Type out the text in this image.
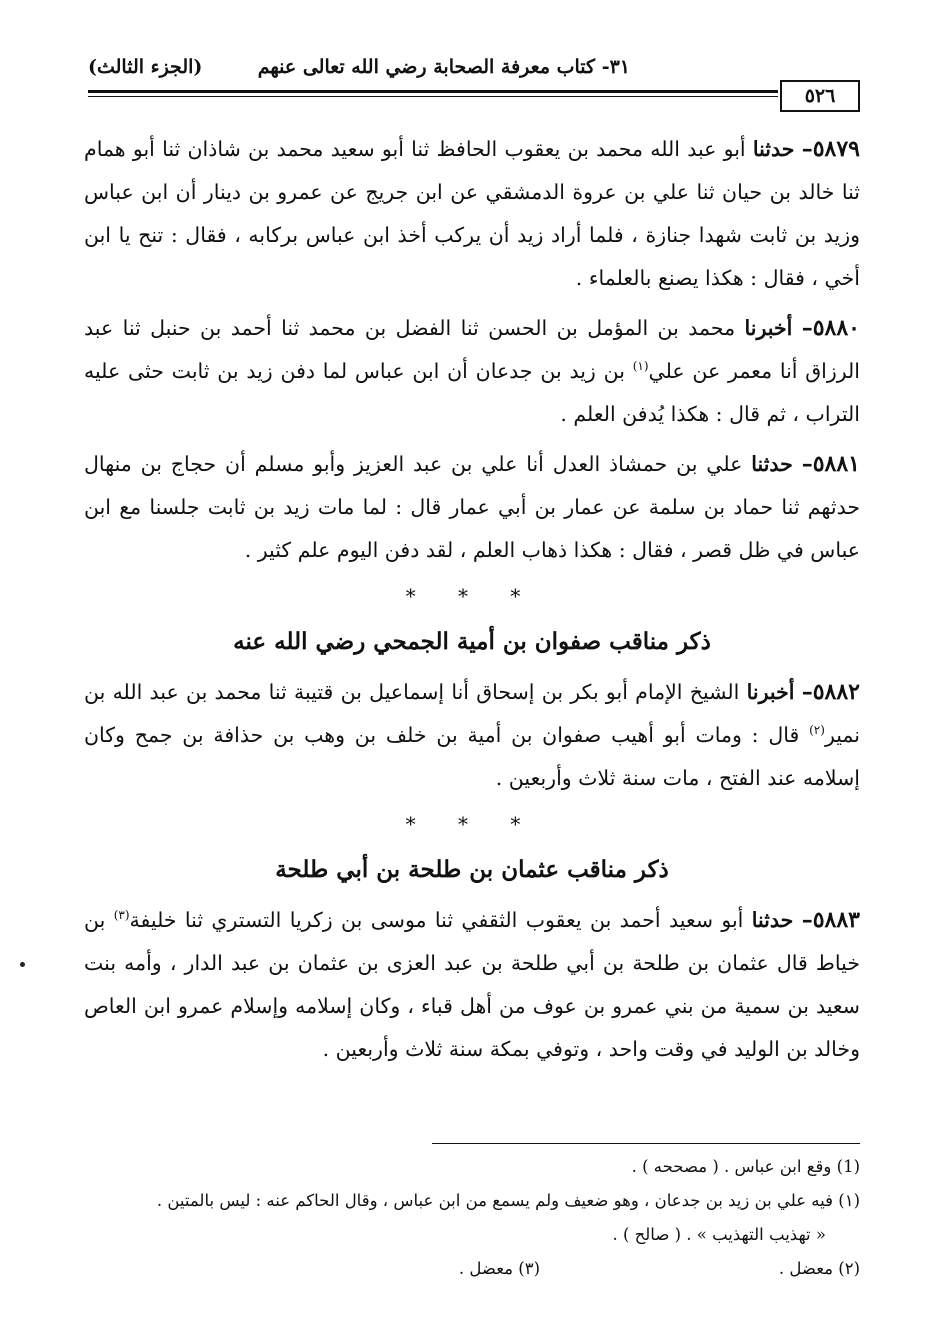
٣١- كتاب معرفة الصحابة رضي الله تعالى عنهم
(الجزء الثالث)
٥٢٦

٥٨٧٩– حدثنا أبو عبد الله محمد بن يعقوب الحافظ ثنا أبو سعيد محمد بن شاذان ثنا أبو همام ثنا خالد بن حيان ثنا علي بن عروة الدمشقي عن ابن جريج عن عمرو بن دينار أن ابن عباس وزيد بن ثابت شهدا جنازة ، فلما أراد زيد أن يركب أخذ ابن عباس بركابه ، فقال : تنح يا ابن أخي ، فقال : هكذا يصنع بالعلماء .

٥٨٨٠– أخبرنا محمد بن المؤمل بن الحسن ثنا الفضل بن محمد ثنا أحمد بن حنبل ثنا عبد الرزاق أنا معمر عن علي$^{(١)}$ بن زيد بن جدعان أن ابن عباس لما دفن زيد بن ثابت حثى عليه التراب ، ثم قال : هكذا يُدفن العلم .

٥٨٨١– حدثنا علي بن حمشاذ العدل أنا علي بن عبد العزيز وأبو مسلم أن حجاج بن منهال حدثهم ثنا حماد بن سلمة عن عمار بن أبي عمار قال : لما مات زيد بن ثابت جلسنا مع ابن عباس في ظل قصر ، فقال : هكذا ذهاب العلم ، لقد دفن اليوم علم كثير .

* * *
ذكر مناقب صفوان بن أمية الجمحي رضي الله عنه

٥٨٨٢– أخبرنا الشيخ الإمام أبو بكر بن إسحاق أنا إسماعيل بن قتيبة ثنا محمد بن عبد الله بن نمير$^{(٢)}$ قال : ومات أبو أهيب صفوان بن أمية بن خلف بن وهب بن حذافة بن جمح وكان إسلامه عند الفتح ، مات سنة ثلاث وأربعين .

* * *
ذكر مناقب عثمان بن طلحة بن أبي طلحة

٥٨٨٣– حدثنا أبو سعيد أحمد بن يعقوب الثقفي ثنا موسى بن زكريا التستري ثنا خليفة$^{(٣)}$ بن خياط قال عثمان بن طلحة بن أبي طلحة بن عبد العزى بن عثمان بن عبد الدار ، وأمه بنت سعيد بن سمية من بني عمرو بن عوف من أهل قباء ، وكان إسلامه وإسلام عمرو ابن العاص وخالد بن الوليد في وقت واحد ، وتوفي بمكة سنة ثلاث وأربعين .

(1) وقع ابن عباس . ( مصححه ) .
(١) فيه علي بن زيد بن جدعان ، وهو ضعيف ولم يسمع من ابن عباس ، وقال الحاكم عنه : ليس بالمتين .
« تهذيب التهذيب » . ( صالح ) .
(٢) معضل .
(٣) معضل .
